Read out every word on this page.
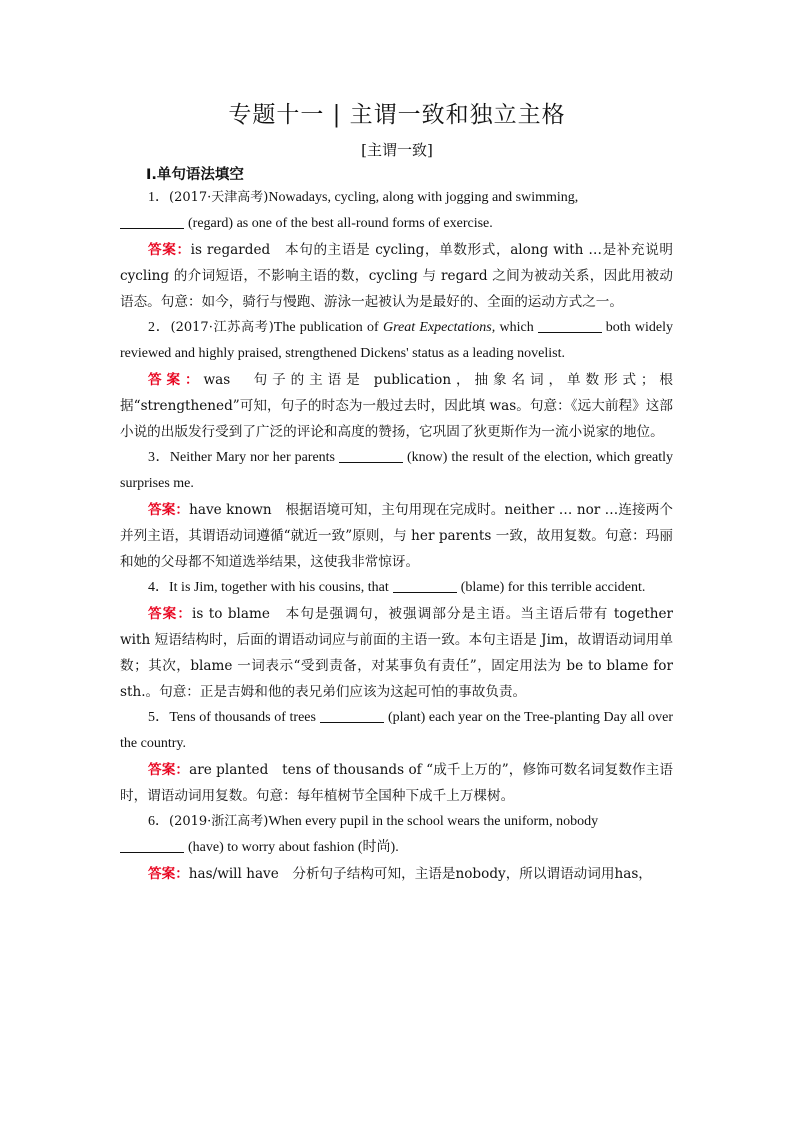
专题十一 | 主谓一致和独立主格
[主谓一致]
Ⅰ.单句语法填空

1．(2017·天津高考)Nowadays, cycling, along with jogging and swimming,

(regard) as one of the best all-round forms of exercise.

答案：is regarded　本句的主语是 cycling，单数形式，along with …是补充说明 cycling 的介词短语，不影响主语的数，cycling 与 regard 之间为被动关系，因此用被动语态。句意：如今，骑行与慢跑、游泳一起被认为是最好的、全面的运动方式之一。

2．(2017·江苏高考)The publication of Great Expectations, which	both widely reviewed and highly praised, strengthened Dickens' status as a leading novelist.

答案：was　句子的主语是 publication，抽象名词，单数形式；根据“strengthened”可知，句子的时态为一般过去时，因此填 was。句意：《远大前程》这部小说的出版发行受到了广泛的评论和高度的赞扬，它巩固了狄更斯作为一流小说家的地位。

3．Neither Mary nor her parents	(know) the result of the election, which greatly surprises me.

答案：have known　根据语境可知，主句用现在完成时。neither … nor …连接两个并列主语，其谓语动词遵循“就近一致”原则，与 her parents 一致，故用复数。句意：玛丽和她的父母都不知道选举结果，这使我非常惊讶。

4．It is Jim, together with his cousins, that	(blame) for this terrible accident.

答案：is to blame　本句是强调句，被强调部分是主语。当主语后带有 together with 短语结构时，后面的谓语动词应与前面的主语一致。本句主语是 Jim，故谓语动词用单数；其次，blame 一词表示“受到责备，对某事负有责任”，固定用法为 be to blame for sth.。句意：正是吉姆和他的表兄弟们应该为这起可怕的事故负责。

5．Tens of thousands of trees	(plant) each year on the Tree-planting Day all over the country.

答案：are planted　tens of thousands of “成千上万的”，修饰可数名词复数作主语时，谓语动词用复数。句意：每年植树节全国种下成千上万棵树。

6．(2019·浙江高考)When every pupil in the school wears the uniform, nobody

(have) to worry about fashion (时尚).

答案：has/will have　分析句子结构可知，主语是nobody，所以谓语动词用has，
